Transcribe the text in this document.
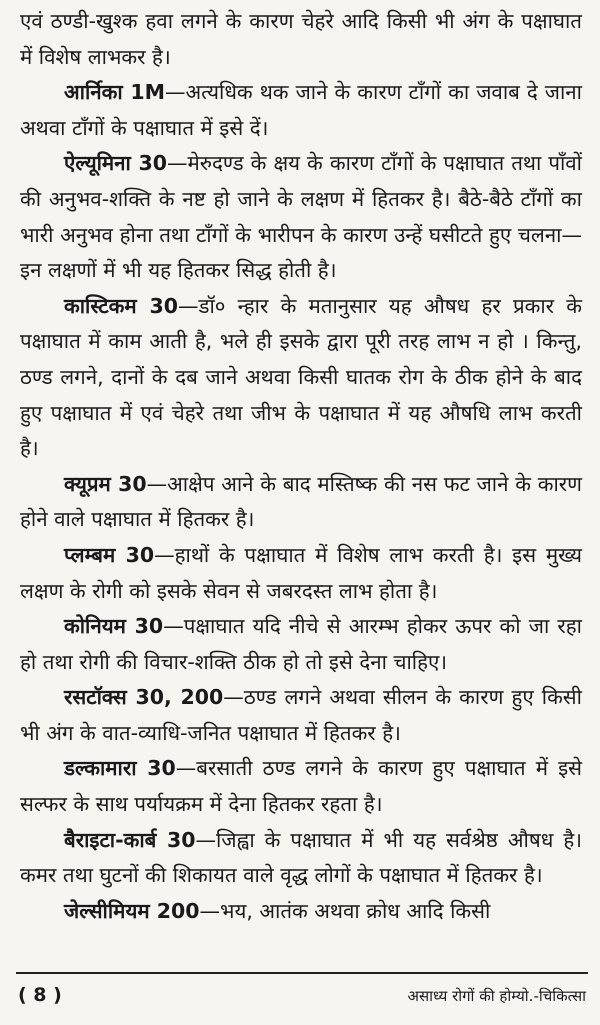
एवं ठण्डी-खुश्क हवा लगने के कारण चेहरे आदि किसी भी अंग के पक्षाघात में विशेष लाभकर है।

आर्निका 1M—अत्यधिक थक जाने के कारण टाँगों का जवाब दे जाना अथवा टाँगों के पक्षाघात में इसे दें।

ऐल्यूमिना 30—मेरुदण्ड के क्षय के कारण टाँगों के पक्षाघात तथा पाँवों की अनुभव-शक्ति के नष्ट हो जाने के लक्षण में हितकर है। बैठे-बैठे टाँगों का भारी अनुभव होना तथा टाँगों के भारीपन के कारण उन्हें घसीटते हुए चलना—इन लक्षणों में भी यह हितकर सिद्ध होती है।

कास्टिकम 30—डॉ० न्हार के मतानुसार यह औषध हर प्रकार के पक्षाघात में काम आती है, भले ही इसके द्वारा पूरी तरह लाभ न हो । किन्तु, ठण्ड लगने, दानों के दब जाने अथवा किसी घातक रोग के ठीक होने के बाद हुए पक्षाघात में एवं चेहरे तथा जीभ के पक्षाघात में यह औषधि लाभ करती है।

क्यूप्रम 30—आक्षेप आने के बाद मस्तिष्क की नस फट जाने के कारण होने वाले पक्षाघात में हितकर है।

प्लम्बम 30—हाथों के पक्षाघात में विशेष लाभ करती है। इस मुख्य लक्षण के रोगी को इसके सेवन से जबरदस्त लाभ होता है।

कोनियम 30—पक्षाघात यदि नीचे से आरम्भ होकर ऊपर को जा रहा हो तथा रोगी की विचार-शक्ति ठीक हो तो इसे देना चाहिए।

रसटॉक्स 30, 200—ठण्ड लगने अथवा सीलन के कारण हुए किसी भी अंग के वात-व्याधि-जनित पक्षाघात में हितकर है।

डल्कामारा 30—बरसाती ठण्ड लगने के कारण हुए पक्षाघात में इसे सल्फर के साथ पर्यायक्रम में देना हितकर रहता है।

बैराइटा-कार्ब 30—जिह्वा के पक्षाघात में भी यह सर्वश्रेष्ठ औषध है। कमर तथा घुटनों की शिकायत वाले वृद्ध लोगों के पक्षाघात में हितकर है।

जेल्सीमियम 200—भय, आतंक अथवा क्रोध आदि किसी

( 8 )	असाध्य रोगों की होम्यो.-चिकित्सा
